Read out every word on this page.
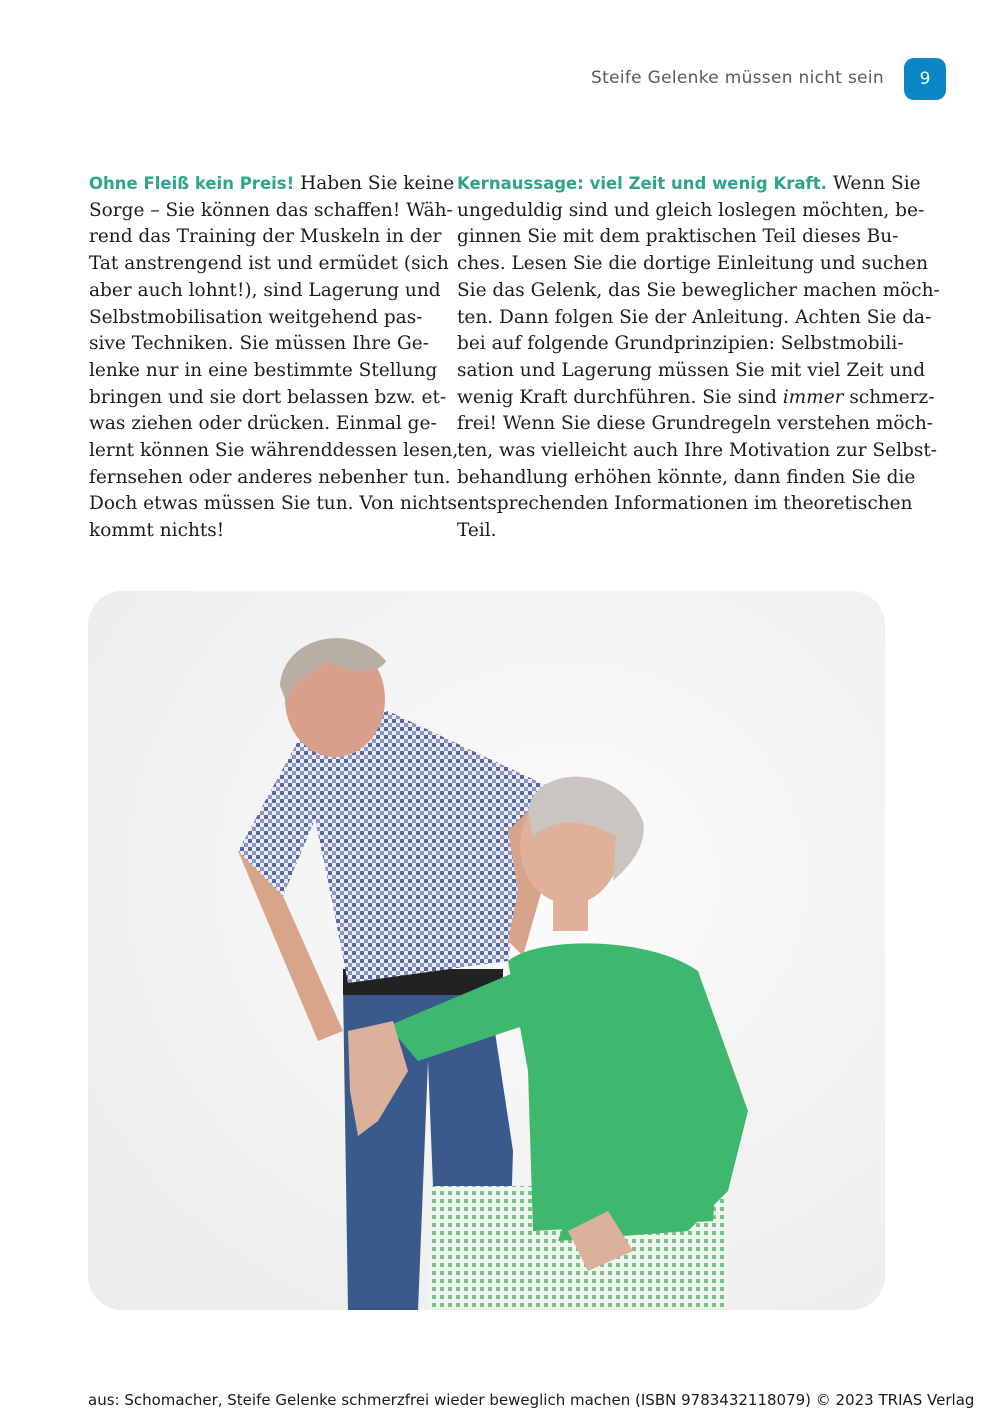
Steife Gelenke müssen nicht sein	9
Ohne Fleiß kein Preis! Haben Sie keine
Sorge – Sie können das schaffen! Wäh-
rend das Training der Muskeln in der
Tat anstrengend ist und ermüdet (sich
aber auch lohnt!), sind Lagerung und
Selbstmobilisation weitgehend pas-
sive Techniken. Sie müssen Ihre Ge-
lenke nur in eine bestimmte Stellung
bringen und sie dort belassen bzw. et-
was ziehen oder drücken. Einmal ge-
lernt können Sie währenddessen lesen,
fernsehen oder anderes nebenher tun.
Doch etwas müssen Sie tun. Von nichts
kommt nichts!
Kernaussage: viel Zeit und wenig Kraft. Wenn Sie
ungeduldig sind und gleich loslegen möchten, be-
ginnen Sie mit dem praktischen Teil dieses Bu-
ches. Lesen Sie die dortige Einleitung und suchen
Sie das Gelenk, das Sie beweglicher machen möch-
ten. Dann folgen Sie der Anleitung. Achten Sie da-
bei auf folgende Grundprinzipien: Selbstmobili-
sation und Lagerung müssen Sie mit viel Zeit und
wenig Kraft durchführen. Sie sind immer schmerz-
frei! Wenn Sie diese Grundregeln verstehen möch-
ten, was vielleicht auch Ihre Motivation zur Selbst-
behandlung erhöhen könnte, dann finden Sie die
entsprechenden Informationen im theoretischen
Teil.
aus: Schomacher, Steife Gelenke schmerzfrei wieder beweglich machen (ISBN 9783432118079) © 2023 TRIAS Verlag
